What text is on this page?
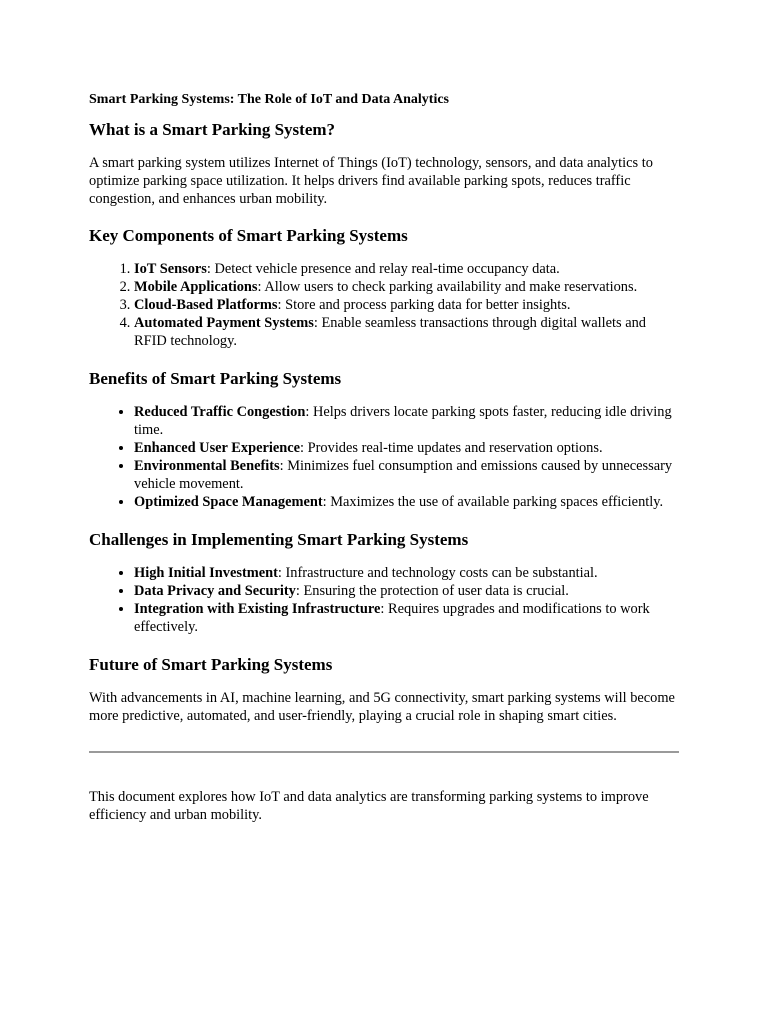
Smart Parking Systems: The Role of IoT and Data Analytics
What is a Smart Parking System?

A smart parking system utilizes Internet of Things (IoT) technology, sensors, and data analytics to optimize parking space utilization. It helps drivers find available parking spots, reduces traffic congestion, and enhances urban mobility.

Key Components of Smart Parking Systems
1. IoT Sensors: Detect vehicle presence and relay real-time occupancy data.
2. Mobile Applications: Allow users to check parking availability and make reservations.
3. Cloud-Based Platforms: Store and process parking data for better insights.
4. Automated Payment Systems: Enable seamless transactions through digital wallets and RFID technology.
Benefits of Smart Parking Systems
• Reduced Traffic Congestion: Helps drivers locate parking spots faster, reducing idle driving time.
• Enhanced User Experience: Provides real-time updates and reservation options.
• Environmental Benefits: Minimizes fuel consumption and emissions caused by unnecessary vehicle movement.
• Optimized Space Management: Maximizes the use of available parking spaces efficiently.
Challenges in Implementing Smart Parking Systems
• High Initial Investment: Infrastructure and technology costs can be substantial.
• Data Privacy and Security: Ensuring the protection of user data is crucial.
• Integration with Existing Infrastructure: Requires upgrades and modifications to work effectively.
Future of Smart Parking Systems

With advancements in AI, machine learning, and 5G connectivity, smart parking systems will become more predictive, automated, and user-friendly, playing a crucial role in shaping smart cities.

This document explores how IoT and data analytics are transforming parking systems to improve efficiency and urban mobility.
